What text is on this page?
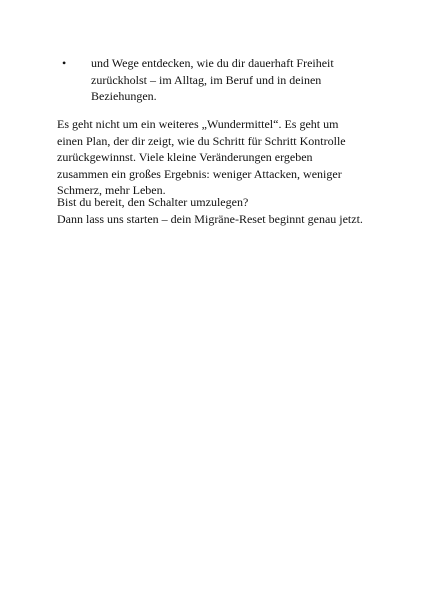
• und Wege entdecken, wie du dir dauerhaft Freiheit
zurückholst – im Alltag, im Beruf und in deinen
Beziehungen.
Es geht nicht um ein weiteres „Wundermittel“. Es geht um
einen Plan, der dir zeigt, wie du Schritt für Schritt Kontrolle
zurückgewinnst. Viele kleine Veränderungen ergeben
zusammen ein großes Ergebnis: weniger Attacken, weniger
Schmerz, mehr Leben.
Bist du bereit, den Schalter umzulegen?
Dann lass uns starten – dein Migräne-Reset beginnt genau jetzt.
